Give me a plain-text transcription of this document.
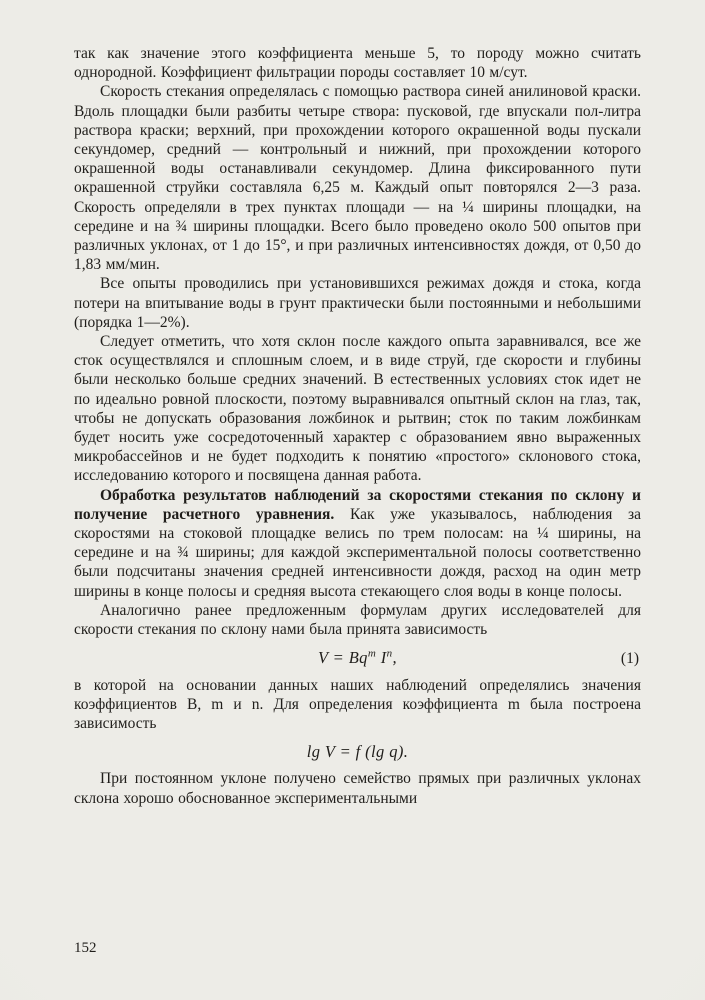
так как значение этого коэффициента меньше 5, то породу можно считать однородной. Коэффициент фильтрации породы составляет 10 м/сут.

Скорость стекания определялась с помощью раствора синей анилиновой краски. Вдоль площадки были разбиты четыре створа: пусковой, где впускали пол-литра раствора краски; верхний, при прохождении которого окрашенной воды пускали секундомер, средний — контрольный и нижний, при прохождении которого окрашенной воды останавливали секундомер. Длина фиксированного пути окрашенной струйки составляла 6,25 м. Каждый опыт повторялся 2—3 раза. Скорость определяли в трех пунктах площади — на ¼ ширины площадки, на середине и на ¾ ширины площадки. Всего было проведено около 500 опытов при различных уклонах, от 1 до 15°, и при различных интенсивностях дождя, от 0,50 до 1,83 мм/мин.

Все опыты проводились при установившихся режимах дождя и стока, когда потери на впитывание воды в грунт практически были постоянными и небольшими (порядка 1—2%).

Следует отметить, что хотя склон после каждого опыта заравнивался, все же сток осуществлялся и сплошным слоем, и в виде струй, где скорости и глубины были несколько больше средних значений. В естественных условиях сток идет не по идеально ровной плоскости, поэтому выравнивался опытный склон на глаз, так, чтобы не допускать образования ложбинок и рытвин; сток по таким ложбинкам будет носить уже сосредоточенный характер с образованием явно выраженных микробассейнов и не будет подходить к понятию «простого» склонового стока, исследованию которого и посвящена данная работа.

Обработка результатов наблюдений за скоростями стекания по склону и получение расчетного уравнения. Как уже указывалось, наблюдения за скоростями на стоковой площадке велись по трем полосам: на ¼ ширины, на середине и на ¾ ширины; для каждой экспериментальной полосы соответственно были подсчитаны значения средней интенсивности дождя, расход на один метр ширины в конце полосы и средняя высота стекающего слоя воды в конце полосы.

Аналогично ранее предложенным формулам других исследователей для скорости стекания по склону нами была принята зависимость

$V = Bq^m$ $I^n$,	(1)

в которой на основании данных наших наблюдений определялись значения коэффициентов B, m и n. Для определения коэффициента m была построена зависимость

lg V = f (lg q).

При постоянном уклоне получено семейство прямых при различных уклонах склона хорошо обоснованное экспериментальными

152
